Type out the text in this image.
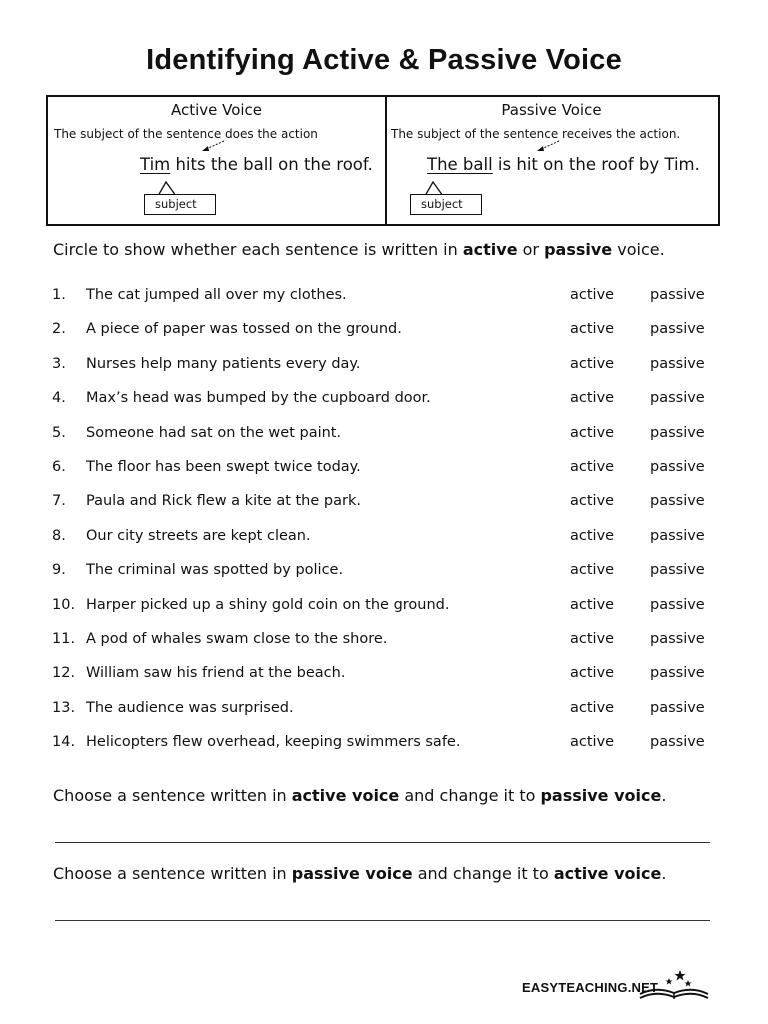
Identifying Active & Passive Voice
Active Voice
The subject of the sentence does the action
Tim hits the ball on the roof.
subject
Passive Voice
The subject of the sentence receives the action.
The ball is hit on the roof by Tim.
subject
Circle to show whether each sentence is written in active or passive voice.
1. The cat jumped all over my clothes.	active passive
2. A piece of paper was tossed on the ground.	active passive
3. Nurses help many patients every day.	active passive
4. Max’s head was bumped by the cupboard door.	active passive
5. Someone had sat on the wet paint.	active passive
6. The floor has been swept twice today.	active passive
7. Paula and Rick flew a kite at the park.	active passive
8. Our city streets are kept clean.	active passive
9. The criminal was spotted by police.	active passive
10. Harper picked up a shiny gold coin on the ground.	active passive
11. A pod of whales swam close to the shore.	active passive
12. William saw his friend at the beach.	active passive
13. The audience was surprised.	active passive
14. Helicopters flew overhead, keeping swimmers safe.	active passive
Choose a sentence written in active voice and change it to passive voice.
Choose a sentence written in passive voice and change it to active voice.
EASYTEACHING.NET
